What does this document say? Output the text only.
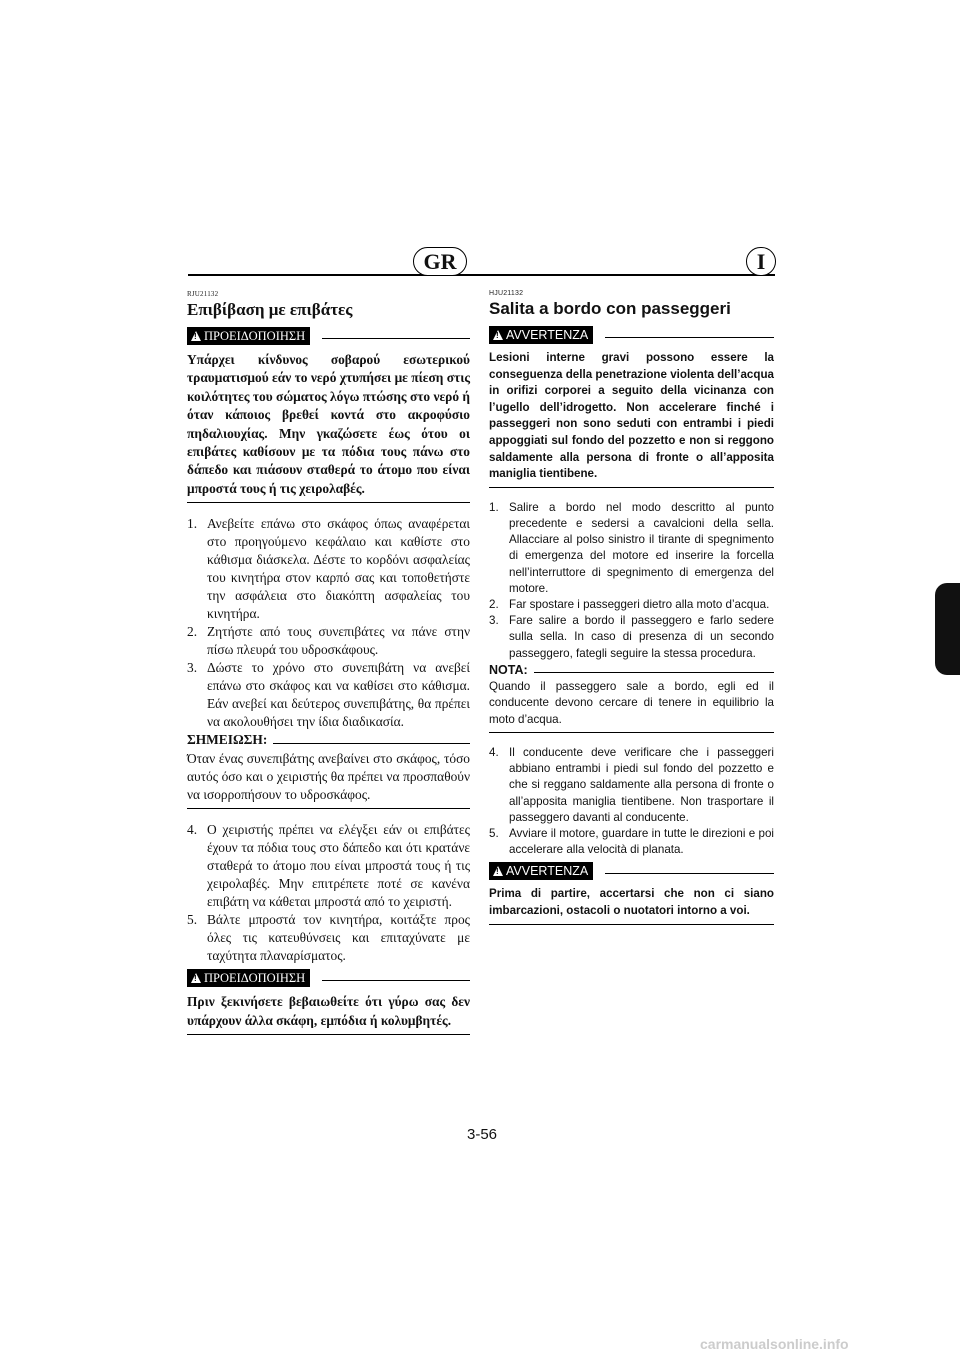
GR	I
RJU21132
Επιβίβαση με επιβάτες
!
ΠΡΟΕΙΔΟΠΟΙΗΣΗ

Υπάρχει κίνδυνος σοβαρού εσωτερικού τραυματισμού εάν το νερό χτυπήσει με πίεση στις κοιλότητες του σώματος λόγω πτώσης στο νερό ή όταν κάποιος βρεθεί κοντά στο ακροφύσιο πηδαλιουχίας. Μην γκαζώσετε έως ότου οι επιβάτες καθίσουν με τα πόδια τους πάνω στο δάπεδο και πιάσουν σταθερά το άτομο που είναι μπροστά τους ή τις χειρολαβές.

1. Ανεβείτε επάνω στο σκάφος όπως αναφέρεται στο προηγούμενο κεφάλαιο και καθίστε στο κάθισμα διάσκελα. Δέστε το κορδόνι ασφαλείας του κινητήρα στον καρπό σας και τοποθετήστε την ασφάλεια στο διακόπτη ασφαλείας του κινητήρα.
2. Ζητήστε από τους συνεπιβάτες να πάνε στην πίσω πλευρά του υδροσκάφους.
3. Δώστε το χρόνο στο συνεπιβάτη να ανεβεί επάνω στο σκάφος και να καθίσει στο κάθισμα. Εάν ανεβεί και δεύτερος συνεπιβάτης, θα πρέπει να ακολουθήσει την ίδια διαδικασία.
ΣΗΜΕΙΩΣΗ:

Όταν ένας συνεπιβάτης ανεβαίνει στο σκάφος, τόσο αυτός όσο και ο χειριστής θα πρέπει να προσπαθούν να ισορροπήσουν το υδροσκάφος.

4. Ο χειριστής πρέπει να ελέγξει εάν οι επιβάτες έχουν τα πόδια τους στο δάπεδο και ότι κρατάνε σταθερά το άτομο που είναι μπροστά τους ή τις χειρολαβές. Μην επιτρέπετε ποτέ σε κανένα επιβάτη να κάθεται μπροστά από το χειριστή.
5. Βάλτε μπροστά τον κινητήρα, κοιτάξτε προς όλες τις κατευθύνσεις και επιταχύνατε με ταχύτητα πλαναρίσματος.
!
ΠΡΟΕΙΔΟΠΟΙΗΣΗ

Πριν ξεκινήσετε βεβαιωθείτε ότι γύρω σας δεν υπάρχουν άλλα σκάφη, εμπόδια ή κολυμβητές.

HJU21132
Salita a bordo con passeggeri
!
AVVERTENZA

Lesioni interne gravi possono essere la conseguenza della penetrazione violenta dell’acqua in orifizi corporei a seguito della vicinanza con l’ugello dell’idrogetto. Non accelerare finché i passeggeri non sono seduti con entrambi i piedi appoggiati sul fondo del pozzetto e non si reggono saldamente alla persona di fronte o all’apposita maniglia tientibene.

1. Salire a bordo nel modo descritto al punto precedente e sedersi a cavalcioni della sella. Allacciare al polso sinistro il tirante di spegnimento di emergenza del motore ed inserire la forcella nell’interruttore di spegnimento di emergenza del motore.
2. Far spostare i passeggeri dietro alla moto d’acqua.
3. Fare salire a bordo il passeggero e farlo sedere sulla sella. In caso di presenza di un secondo passeggero, fategli seguire la stessa procedura.
NOTA:

Quando il passeggero sale a bordo, egli ed il conducente devono cercare di tenere in equilibrio la moto d’acqua.

4. Il conducente deve verificare che i passeggeri abbiano entrambi i piedi sul fondo del pozzetto e che si reggano saldamente alla persona di fronte o all’apposita maniglia tientibene. Non trasportare il passeggero davanti al conducente.
5. Avviare il motore, guardare in tutte le direzioni e poi accelerare alla velocità di planata.
!
AVVERTENZA

Prima di partire, accertarsi che non ci siano imbarcazioni, ostacoli o nuotatori intorno a voi.

3-56
carmanualsonline.info
